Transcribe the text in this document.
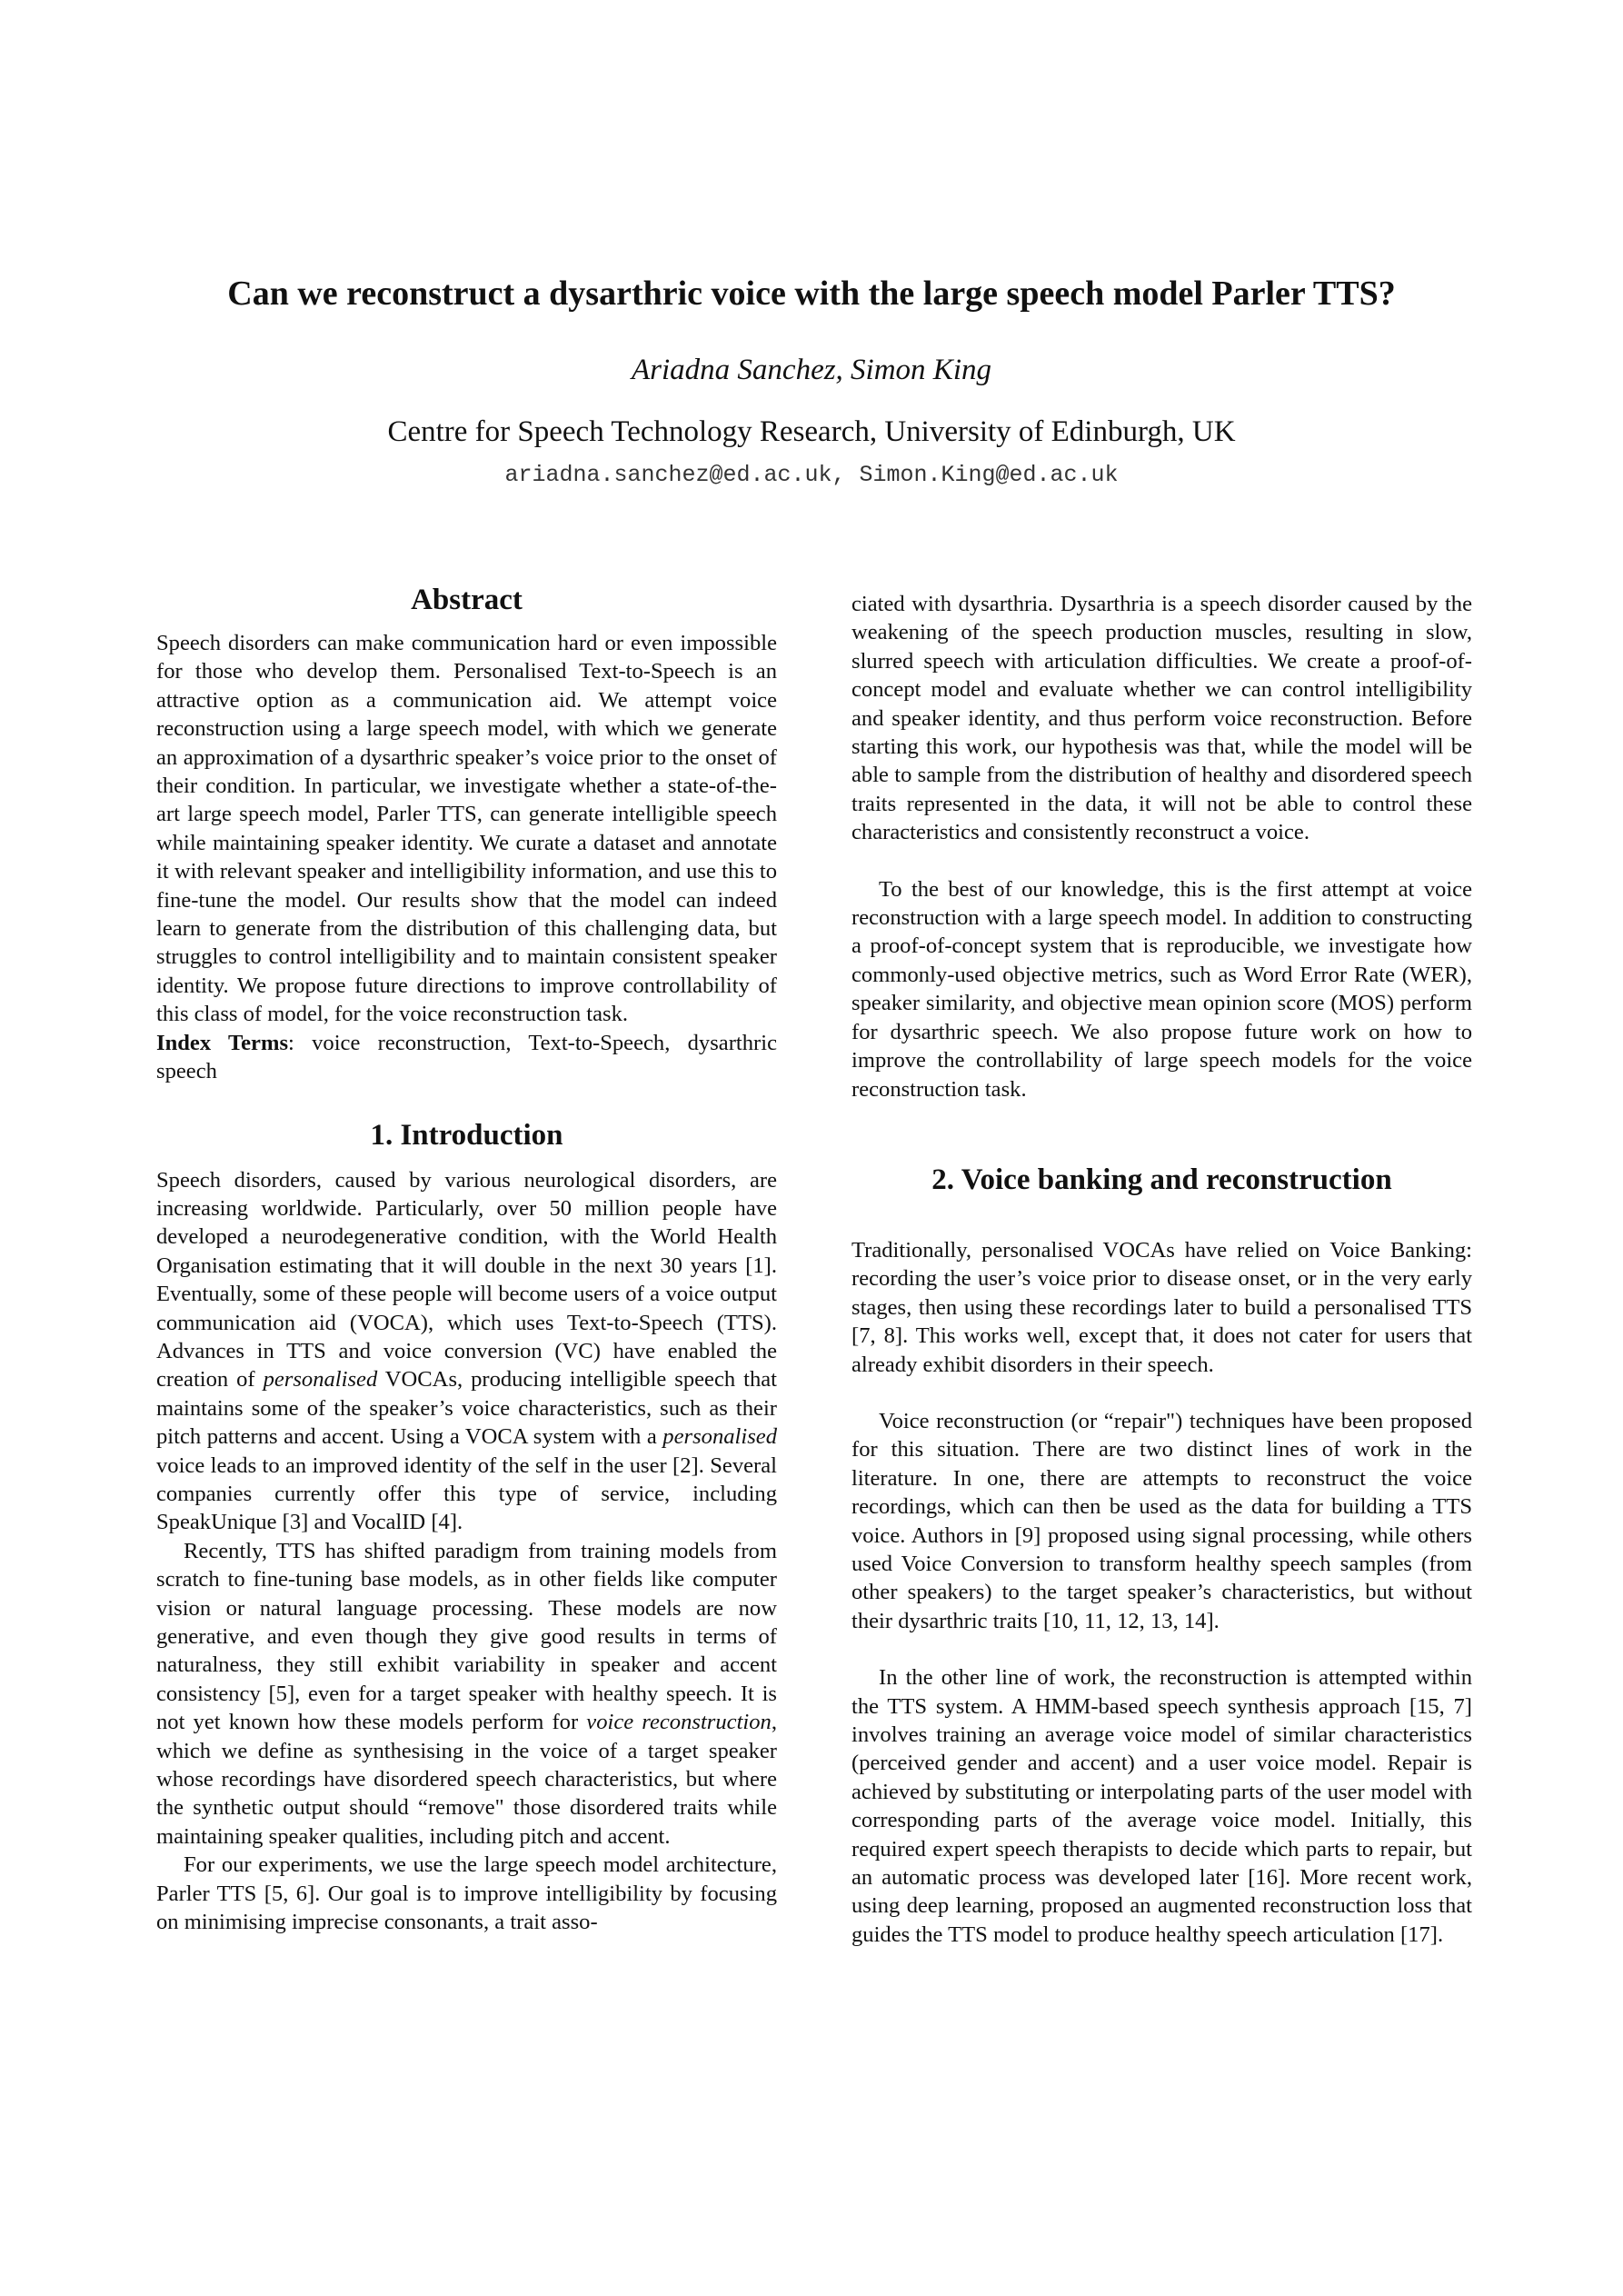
Can we reconstruct a dysarthric voice with the large speech model Parler TTS?
Ariadna Sanchez, Simon King
Centre for Speech Technology Research, University of Edinburgh, UK
ariadna.sanchez@ed.ac.uk, Simon.King@ed.ac.uk
Abstract

Speech disorders can make communication hard or even impossible for those who develop them. Personalised Text-to-Speech is an attractive option as a communication aid. We attempt voice reconstruction using a large speech model, with which we generate an approximation of a dysarthric speaker’s voice prior to the onset of their condition. In particular, we investigate whether a state-of-the-art large speech model, Parler TTS, can generate intelligible speech while maintaining speaker identity. We curate a dataset and annotate it with relevant speaker and intelligibility information, and use this to fine-tune the model. Our results show that the model can indeed learn to generate from the distribution of this challenging data, but struggles to control intelligibility and to maintain consistent speaker identity. We propose future directions to improve controllability of this class of model, for the voice reconstruction task.

Index Terms: voice reconstruction, Text-to-Speech, dysarthric speech

1. Introduction

Speech disorders, caused by various neurological disorders, are increasing worldwide. Particularly, over 50 million people have developed a neurodegenerative condition, with the World Health Organisation estimating that it will double in the next 30 years [1]. Eventually, some of these people will become users of a voice output communication aid (VOCA), which uses Text-to-Speech (TTS). Advances in TTS and voice conversion (VC) have enabled the creation of personalised VOCAs, producing intelligible speech that maintains some of the speaker’s voice characteristics, such as their pitch patterns and accent. Using a VOCA system with a personalised voice leads to an improved identity of the self in the user [2]. Several companies currently offer this type of service, including SpeakUnique [3] and VocalID [4].

Recently, TTS has shifted paradigm from training models from scratch to fine-tuning base models, as in other fields like computer vision or natural language processing. These models are now generative, and even though they give good results in terms of naturalness, they still exhibit variability in speaker and accent consistency [5], even for a target speaker with healthy speech. It is not yet known how these models perform for voice reconstruction, which we define as synthesising in the voice of a target speaker whose recordings have disordered speech characteristics, but where the synthetic output should “remove" those disordered traits while maintaining speaker qualities, including pitch and accent.

For our experiments, we use the large speech model architecture, Parler TTS [5, 6]. Our goal is to improve intelligibility by focusing on minimising imprecise consonants, a trait asso-

ciated with dysarthria. Dysarthria is a speech disorder caused by the weakening of the speech production muscles, resulting in slow, slurred speech with articulation difficulties. We create a proof-of-concept model and evaluate whether we can control intelligibility and speaker identity, and thus perform voice reconstruction. Before starting this work, our hypothesis was that, while the model will be able to sample from the distribution of healthy and disordered speech traits represented in the data, it will not be able to control these characteristics and consistently reconstruct a voice.

To the best of our knowledge, this is the first attempt at voice reconstruction with a large speech model. In addition to constructing a proof-of-concept system that is reproducible, we investigate how commonly-used objective metrics, such as Word Error Rate (WER), speaker similarity, and objective mean opinion score (MOS) perform for dysarthric speech. We also propose future work on how to improve the controllability of large speech models for the voice reconstruction task.

2. Voice banking and reconstruction

Traditionally, personalised VOCAs have relied on Voice Banking: recording the user’s voice prior to disease onset, or in the very early stages, then using these recordings later to build a personalised TTS [7, 8]. This works well, except that, it does not cater for users that already exhibit disorders in their speech.

Voice reconstruction (or “repair") techniques have been proposed for this situation. There are two distinct lines of work in the literature. In one, there are attempts to reconstruct the voice recordings, which can then be used as the data for building a TTS voice. Authors in [9] proposed using signal processing, while others used Voice Conversion to transform healthy speech samples (from other speakers) to the target speaker’s characteristics, but without their dysarthric traits [10, 11, 12, 13, 14].

In the other line of work, the reconstruction is attempted within the TTS system. A HMM-based speech synthesis approach [15, 7] involves training an average voice model of similar characteristics (perceived gender and accent) and a user voice model. Repair is achieved by substituting or interpolating parts of the user model with corresponding parts of the average voice model. Initially, this required expert speech therapists to decide which parts to repair, but an automatic process was developed later [16]. More recent work, using deep learning, proposed an augmented reconstruction loss that guides the TTS model to produce healthy speech articulation [17].
